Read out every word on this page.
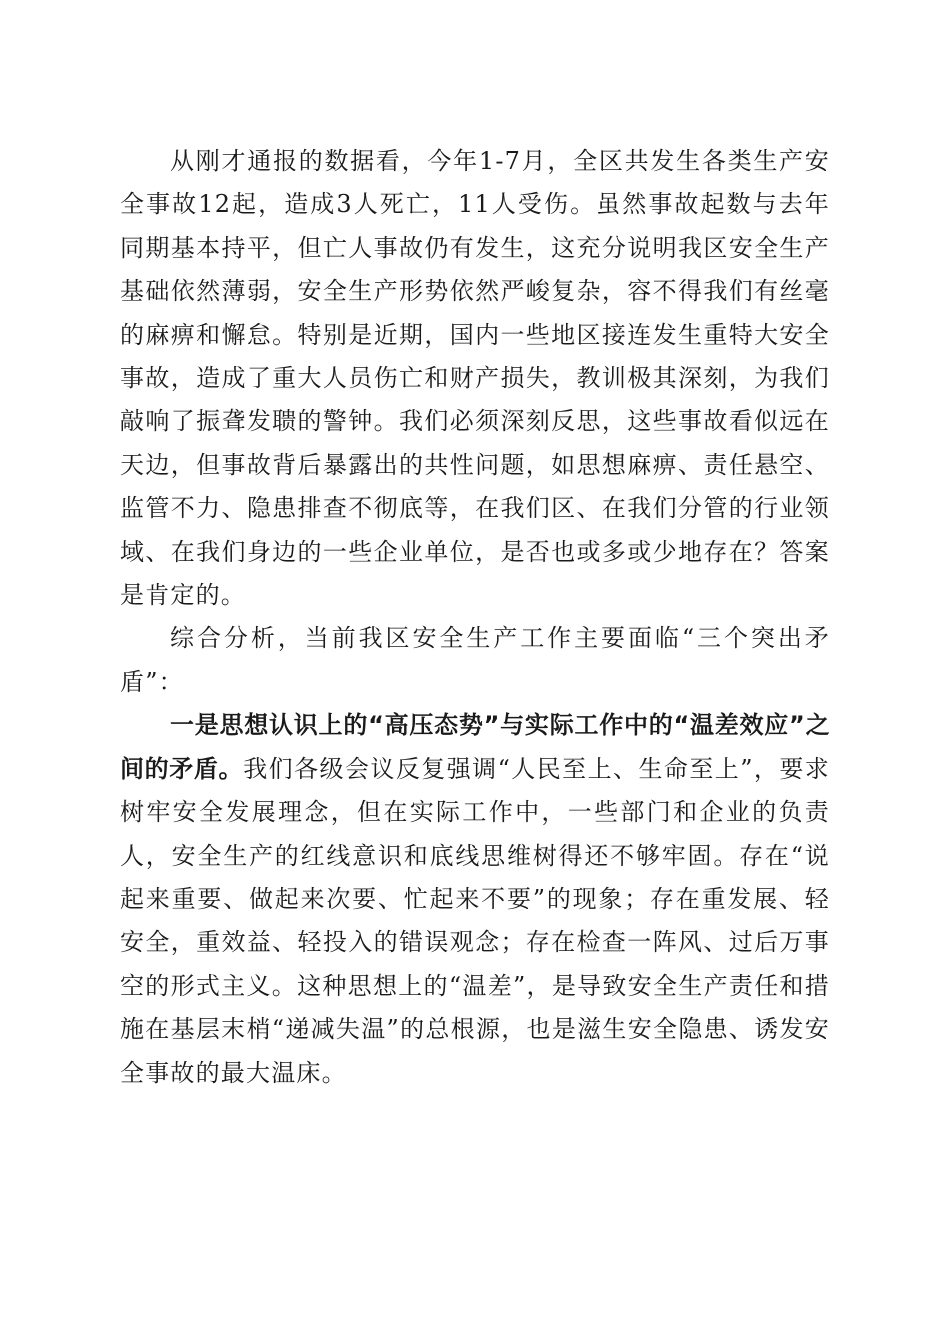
从刚才通报的数据看，今年1-7月，全区共发生各类生产安全事故12起，造成3人死亡，11人受伤。虽然事故起数与去年同期基本持平，但亡人事故仍有发生，这充分说明我区安全生产基础依然薄弱，安全生产形势依然严峻复杂，容不得我们有丝毫的麻痹和懈怠。特别是近期，国内一些地区接连发生重特大安全事故，造成了重大人员伤亡和财产损失，教训极其深刻，为我们敲响了振聋发聩的警钟。我们必须深刻反思，这些事故看似远在天边，但事故背后暴露出的共性问题，如思想麻痹、责任悬空、监管不力、隐患排查不彻底等，在我们区、在我们分管的行业领域、在我们身边的一些企业单位，是否也或多或少地存在？答案是肯定的。

综合分析，当前我区安全生产工作主要面临“三个突出矛盾”：

一是思想认识上的“高压态势”与实际工作中的“温差效应”之间的矛盾。我们各级会议反复强调“人民至上、生命至上”，要求树牢安全发展理念，但在实际工作中，一些部门和企业的负责人，安全生产的红线意识和底线思维树得还不够牢固。存在“说起来重要、做起来次要、忙起来不要”的现象；存在重发展、轻安全，重效益、轻投入的错误观念；存在检查一阵风、过后万事空的形式主义。这种思想上的“温差”，是导致安全生产责任和措施在基层末梢“递减失温”的总根源，也是滋生安全隐患、诱发安全事故的最大温床。
